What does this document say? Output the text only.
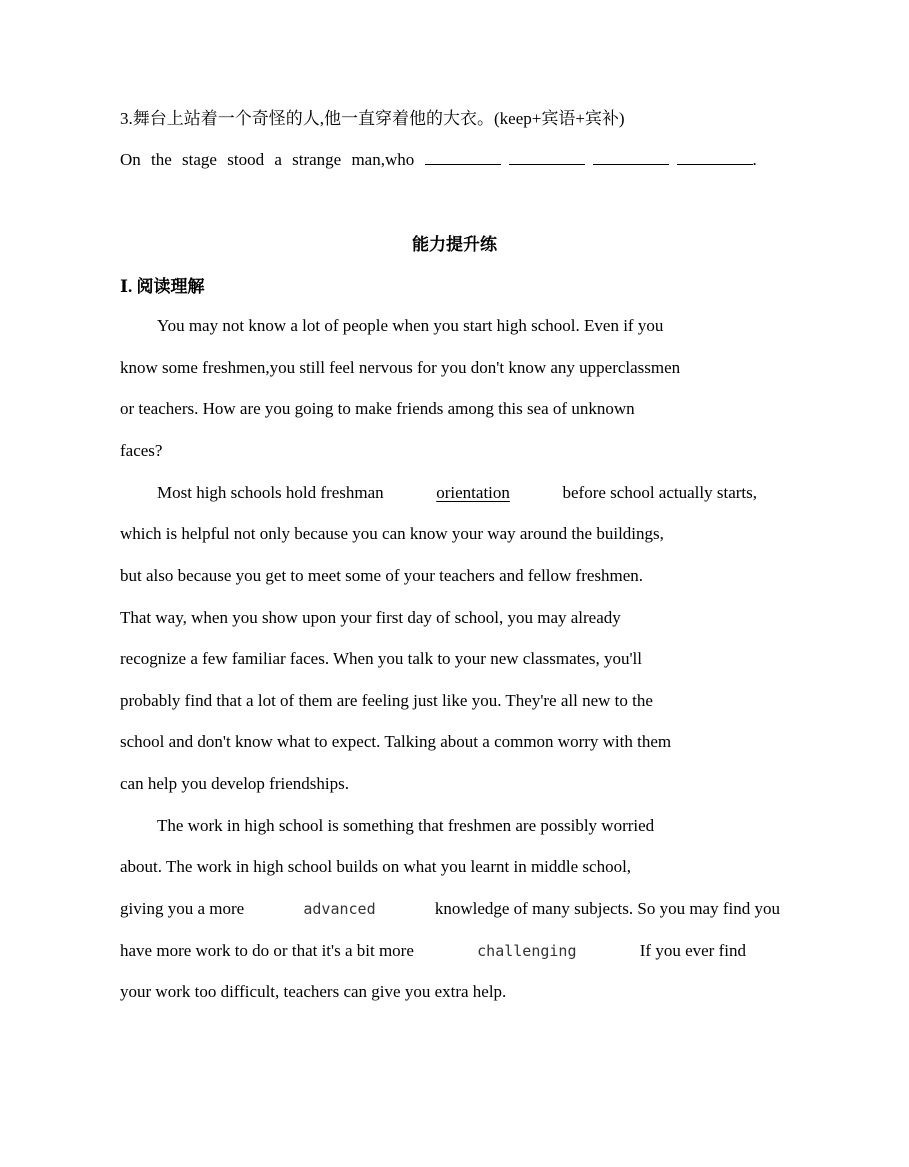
3.舞台上站着一个奇怪的人,他一直穿着他的大衣。(keep+宾语+宾补)
On the stage stood a strange man,who	.
能力提升练
Ⅰ. 阅读理解
You may not know a lot of people when you start high school. Even if you
know some freshmen,you still feel nervous for you don't know any upperclassmen
or teachers. How are you going to make friends among this sea of unknown
faces?
Most high schools hold freshman	orientation	before school actually starts,
which is helpful not only because you can know your way around the buildings,
but also because you get to meet some of your teachers and fellow freshmen.
That way, when you show upon your first day of school, you may already
recognize a few familiar faces. When you talk to your new classmates, you'll
probably find that a lot of them are feeling just like you. They're all new to the
school and don't know what to expect. Talking about a common worry with them
can help you develop friendships.
The work in high school is something that freshmen are possibly worried
about. The work in high school builds on what you learnt in middle school,
giving you a more	advanced	knowledge of many subjects. So you may find you
have more work to do or that it's a bit more	challenging	If you ever find
your work too difficult, teachers can give you extra help.
